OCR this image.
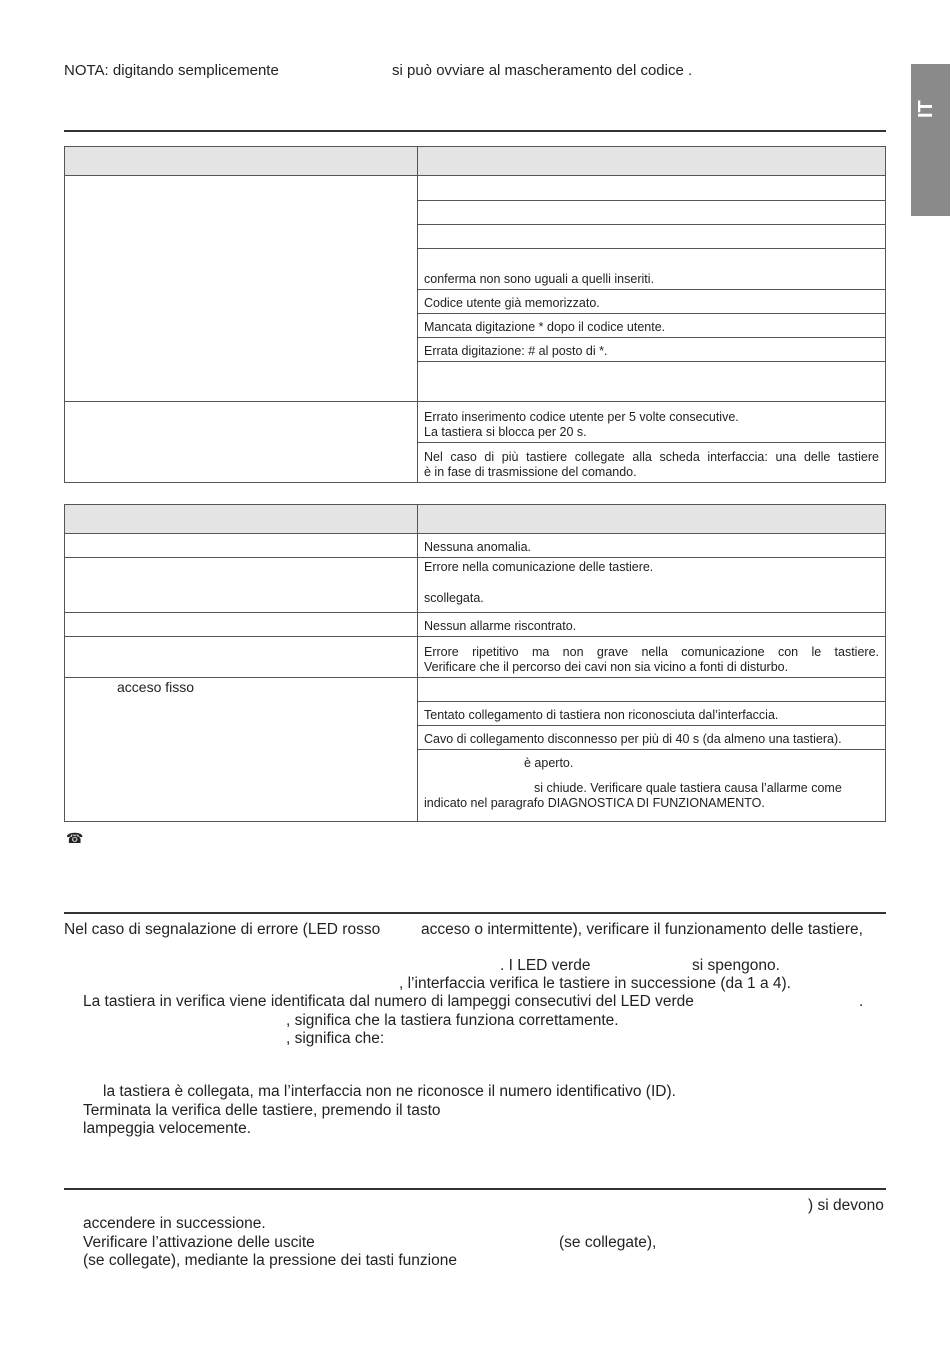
IT
NOTA: digitando semplicemente	si può ovviare al mascheramento del codice .

	conferma non sono uguali a quelli inseriti.
	Codice utente già memorizzato.
	Mancata digitazione * dopo il codice utente.
	Errata digitazione: # al posto di *.

	Errato inserimento codice utente per 5 volte consecutive.
La tastiera si blocca per 20 s.

	Nel caso di più tastiere collegate alla scheda interfaccia: una delle tastiere
è in fase di trasmissione del comando.

	Nessuna anomalia.

	Errore nella comunicazione delle tastiere.
scollegata.

	Nessun allarme riscontrato.

	Errore ripetitivo ma non grave nella comunicazione con le tastiere.
Verificare che il percorso dei cavi non sia vicino a fonti di disturbo.

acceso fisso	

	Tentato collegamento di tastiera non riconosciuta dal’interfaccia.
	Cavo di collegamento disconnesso per più di 40 s (da almeno una tastiera).

	è aperto.
si chiude. Verificare quale tastiera causa l’allarme come
indicato nel paragrafo DIAGNOSTICA DI FUNZIONAMENTO.
☎
Nel caso di segnalazione di errore (LED rosso	acceso o intermittente), verificare il funzionamento delle tastiere,
. I LED verde	si spengono.
, l’interfaccia verifica le tastiere in successione (da 1 a 4).
La tastiera in verifica viene identificata dal numero di lampeggi consecutivi del LED verde	.
, significa che la tastiera funziona correttamente.
, significa che:
la tastiera è collegata, ma l’interfaccia non ne riconosce il numero identificativo (ID).
Terminata la verifica delle tastiere, premendo il tasto
lampeggia velocemente.
) si devono
accendere in successione.
Verificare l’attivazione delle uscite	(se collegate),
(se collegate), mediante la pressione dei tasti funzione
